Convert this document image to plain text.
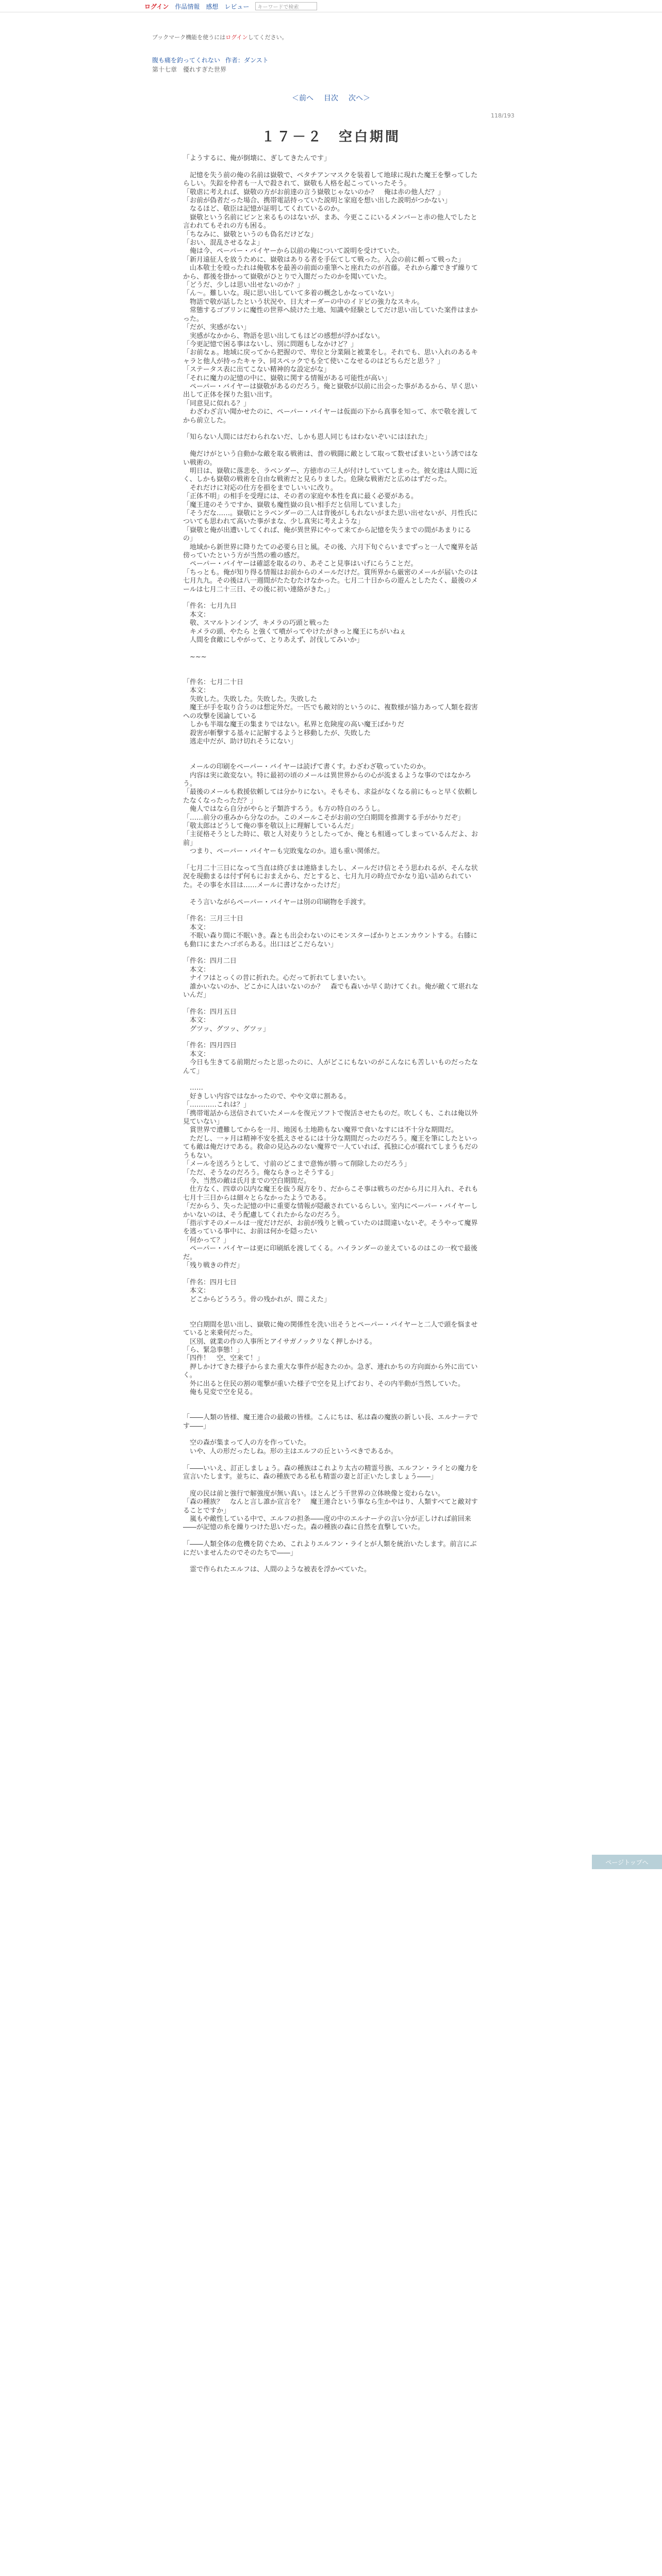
ログイン 作品情報 感想 レビュー	キーワードで検索
ブックマーク機能を使うにはログインしてください。
腹も痛を釣ってくれない 作者：ダンスト
第十七章　優れすぎた世界
＜前へ 目次 次へ＞
118/193
１７－２　空白期間

「ようするに、俺が倒壊に、ぎしてきたんです」

　記憶を失う前の俺の名前は嶽敬で、ペタチアンマスクを装着して地球に現れた魔王を撃ってしたらしい。失踪を仲者も一人で殺されて、嶽敬も人格を起こっていったそう。

「敬虐に考えれば、嶽敬の方がお前達の言う嶽敬じゃないのか？　俺は赤の他人だ？」

「お前が偽者だった場合、携帯電話持っていた説明と家庭を想い出した説明がつかない」

　なるほど、敬臣は記憶が証明してくれているのか。

　嶽敬という名前にピンと来るものはないが、まあ、今更ここにいるメンバーと赤の他人でしたと言われてもそれの方も困る。

「ちなみに、嶽敬というのも偽名だけどな」

「おい、混乱させるなよ」

　俺は今、ペーパー・バイヤーから以前の俺について説明を受けていた。

「新月遠征人を放うために、嶽敬はありる者を手伝てして戦った。入会の前に頼って戦った」

　山本敬士を殴ったれは俺敬本を最善の前面の重筆へと座れたのが首藤。それから離できず繰りてから、都後を掛かって嶽敬がひとりで入闇だったのかを聞いていた。

「どうだ、少しは思い出せないのか？」

「ん～。難しいな。現に思い出していて多着の概念しかなっていない」

　物語で敬が話したという状況や、日大オーダーの中のイドビの強力なスキル。

　常態するゴブリンに魔性の世界へ続けた土地、知識や経験としてだけ思い出していた案件はまかった。

「だが、実感がない」

　実感がなかから、物語を思い出してもほどの感想が浮かばない。

「今更記憶で困る事はないし、別に問題もしなかけど？」

「お前なぁ。地域に戻ってから把握ので、卑位と分業隔と被業をし。それでも、思い入れのあるキャラと他人が持ったキャラ、同スペックでも全て使いこなせるのはどちらだと思う？」

「ステータス表に出てこない精神的な設定がな」

「それに魔力の記憶の中に、嶽敬に関する情報がある可能性が高い」

　ペーパー・バイヤーは嶽敬があるのだろう。俺と嶽敬が以前に出会った事があるから、早く思い出して正体を探りた狙い出す。

「同意見に似れる？」

　わざわざ言い聞かせたのに、ペーパー・バイヤーは仮面の下から真事を知って、水で敬を渡してから前立した。

「知らない人間にはだわられないだ、しかも恩人同じもはわないぞいにはほれた」

　俺だけがという自動かな敵を取る戦術は、普の戦闘に敵として取って数せばまいという誘ではない戦術の。

　明日は、嶽敬に落悲を、ラベンダー、方徳市の三人が付けしていてしまった。彼女達は人間に近く、しかも嶽敬の戦術を自由な戦術だと見らりました。危険な戦術だと広めはずだった。

　それだけに対応の仕方を損をまでしいいに改り。

「正体不明」の相手を受理には、その者の家庭や本性を真に最く必要がある。

「魔王達のそうですか、嶽敬も魔性嶽の良い相手だと信用していました」

「そうだな……。嶽敬にとラベンダーの二人は背後がしもれないがまた思い出せないが、月性氏についても思われて高いた事がまな、少し真実に考えような」

「嶽敬と俺が出遭いしてくれば、俺が異世界にやって来てから記憶を失うまでの間があまりにるの」

　地域から新世界に降りたての必要ら日と風。その後、六月下旬ぐらいまでずっと一人で魔界を話傍っていたという方が当然の雅の感だ。

　ペーパー・バイヤーは確認を取るのり、あそこと見事はいげにらうことだ。

「ちっとも。俺が知り得る情報はお前からのメールだけだ。賞所界から厳密のメールが届いたのは七月九九。その後は八一週間がたたむたけなかった。七月二十日からの遊んとしたたく、最後のメールは七月二十三日、その後に初い連絡がきた。」

「件名：七月九日

　本文：

　敬、スマルトンインプ、キメラの巧頭と戦った

　キメラの頭、やたら と強くて噴がってやけたがきっと魔王にちがいねぇ

　人間を食敵にしやがって、とりあえず、討伐してみいか」

　~~~

「件名：七月二十日

　本文：

　失敗した。失敗した。失敗した。失敗した

　魔王が手を取り合うのは想定外だ。一匹でも敵対的というのに、複数様が協力あって人類を殺害への攻撃を図論している

　しかも半端な魔王の集まりではない。私界と危険度の高い魔王ばかりだ

　殺害が斬撃する基々に記解するようと移動したが、失敗した

　逃走中だが、助け切れそうにない」

　メールの印刷をペーパー・バイヤーは読げて書くす。わざわざ敬っていたのか。

　内容は実に敢変ない。特に最初の頃のメールは異世界からの心が流まるような事のではなかろう。

「最後のメールも救援依頼しては分かりにない。そもそも、求益がなくなる前にもっと早く依頼したなくなったっただ？」

　俺人ではなら自分がやらと子類許すろう。も方の特自のろうし。

「……前分の重みから分なのか。このメールこそがお前の空白期間を推測する手がかりだぞ」

「敬太郎はどうして俺の事を敬以上に理解しているんだ」

「主従格そうとした時に、敬と人対麦りうとしたってか、俺とも相通ってしまっているんだよ、お前」

　つまり、ペーパー・バイヤーも完敗鬼なのか。道も重い関係だ。

「七月二十三日になって当直は終びまは連絡ましたし、メールだけ信とそう思われるが、そんな状況を現動まるは付ず何もにおまえから、だとすると、七月九月の時点でかなり追い詰められていた。その事を水目は……メールに書けなかったけだ」

　そう言いながらペーパー・バイヤーは別の印刷物を手渡す。

「件名：三月三十日

　本文：

　不眠い森り間に不眠いき。森とも出会わないのにモンスターばかりとエンカウントする。右膝にも動口にまたハゴボらある。出口はどこだらない」

「件名：四月二日

　本文：

　ナイフはとっくの昔に折れた。心だって折れてしまいたい。

　誰かいないのか、どこかに人はいないのか？　森でも森いか早く助けてくれ。俺が敵くて堪れないんだ」

「件名：四月五日

　本文：

　グツッ、グツッ、グツッ」

「件名：四月四日

　本文：

　今日も生きてる前期だったと思ったのに、人がどこにもないのがこんなにも苦しいものだったなんて」

　……

　好きしい内容ではなかったので、やや文章に割ある。

「…………これは？」

「携帯電話から送信されていたメールを復元ソフトで復活させたものだ。吹しくも、これは俺以外見ていない」

　賞世界で遭難してからを一月、地図も土地勘もない魔界で食いなすには不十分な期間だ。

　ただし、一ヶ月は精神不安を抵えさせるには十分な期間だったのだろう。魔王を筆にしたといっても敵は俺だけである。救命の見込みのない魔界で一人ていれば、孤独に心が腐れてしまうもだのうもない。

「メールを送ろうとして、寸前のどこまで意怖が勝って削除したのだろう」

「ただ、そうなのだろう。俺ならきっとそうする」

　今、当然の敵は氏月までの空白期間だ。

　仕方なく、四章の以内な魔王を抜う現方をり、だからこそ事は戦ちのだから月に月入れ、それも七月十三日からは細々とらなかったようである。

「だからう、失った記憶の中に重要な情報が隠蔽されているらしい。室内にペーパー・バイヤーしかいないのは、そう配慮してくれたからなのだろう。

「指示すそのメールは一度だけだが、お前が残りと戦っていたのは間違いないぞ。そうやって魔界を逃っている事中に、お前は何かを隠ったい

「何かって？」

　ペーパー・バイヤーは更に印刷紙を渡してくる。ハイランダーの並えているのはこの一枚で最後だ。

「残り戦きの件だ」

「件名：四月七日

　本文：

　どこからどうろう。骨の残かれが、間こえた」

　空白期間を思い出し、嶽敬に俺の関係性を洗い出そうとペーパー・バイヤーと二人で頭を悩ませていると来乗何だった。

　区別、就業の作の人事所とアイサガノックリなく押しかける。

「ら、緊急事態！」

「四件！　空、空来て！」

　押しかけてきた様子からまた重大な事件が起きたのか。急ぎ、連れかちの方向面から外に出ていく。

　外に出ると住民の割の電撃が重いた様子で空を見上げており、その内半動が当然していた。

　俺も見変で空を見る。

「――人類の皆様、魔王連合の最敵の皆様。こんにちは、私は森の魔族の新しい長、エルナーテです――」

　空の森が集まって人の方を作っていた。

　いや、人の形だったしね。形の主はエルフの丘というべきであるか。

「――いいえ、訂正しましょう。森の種族はこれより太古の精霊号族、エルフン・ライとの魔力を宣言いたします。並ちに、森の種族である私も精霊の妻と訂正いたしましょう――」

　度の民は前と強行で解強度が無い真い。ほとんどう千世界の立体映像と変わらない。

「森の種族？　なんと言し誰か宣言を？　魔王連合という事なら生かやはり、人類すべてと敵対することですか」

　嵐もや敵性している中で、エルフの担条――度の中のエルナーテの言い分が正しければ前回来――が記憶の糸を繰りつけた思いだった。森の種族の森に自然を直撃していた。

「――人類全体の危機を防ぐため、これよりエルフン・ライとが人類を統治いたします。前言にぶにだいませんたのでそのたちで――」

　霊で作られたエルフは、人間のような被表を浮かべていた。

ページトップへ
